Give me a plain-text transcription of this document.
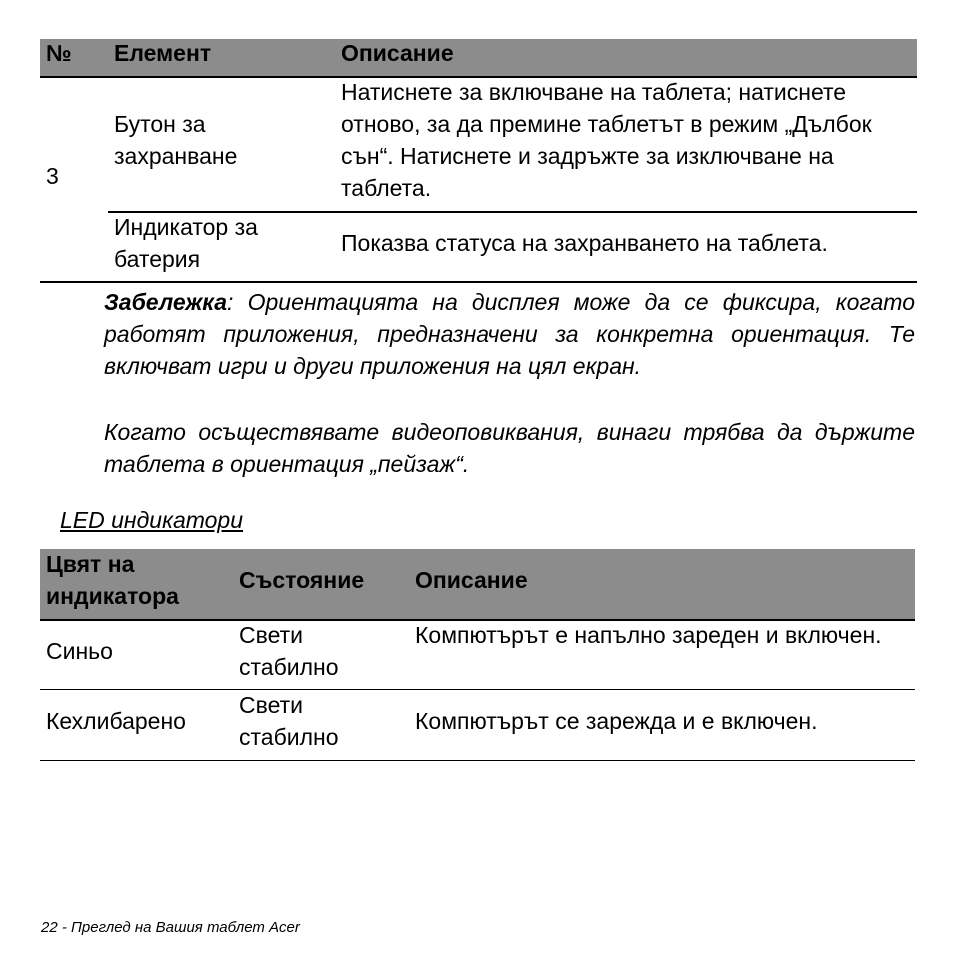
№ Елемент	Описание
3
Бутон за захранване
Натиснете за включване на таблета; натиснете отново, за да премине таблетът в режим „Дълбок сън“. Натиснете и задръжте за изключване на таблета.
Индикатор за батерия
Показва статуса на захранването на таблета.
Забележка: Ориентацията на дисплея може да се фиксира, когато работят приложения, предназначени за конкретна ориентация. Те включват игри и други приложения на цял екран.
Когато осъществявате видеоповиквания, винаги трябва да държите таблета в ориентация „пейзаж“.
LED индикатори
Цвят на индикатора
Състояние Описание
Синьо
Свети стабилно
Компютърът е напълно зареден и включен.
Кехлибарено
Свети стабилно
Компютърът се зарежда и е включен.
22 - Преглед на Вашия таблет Acer
